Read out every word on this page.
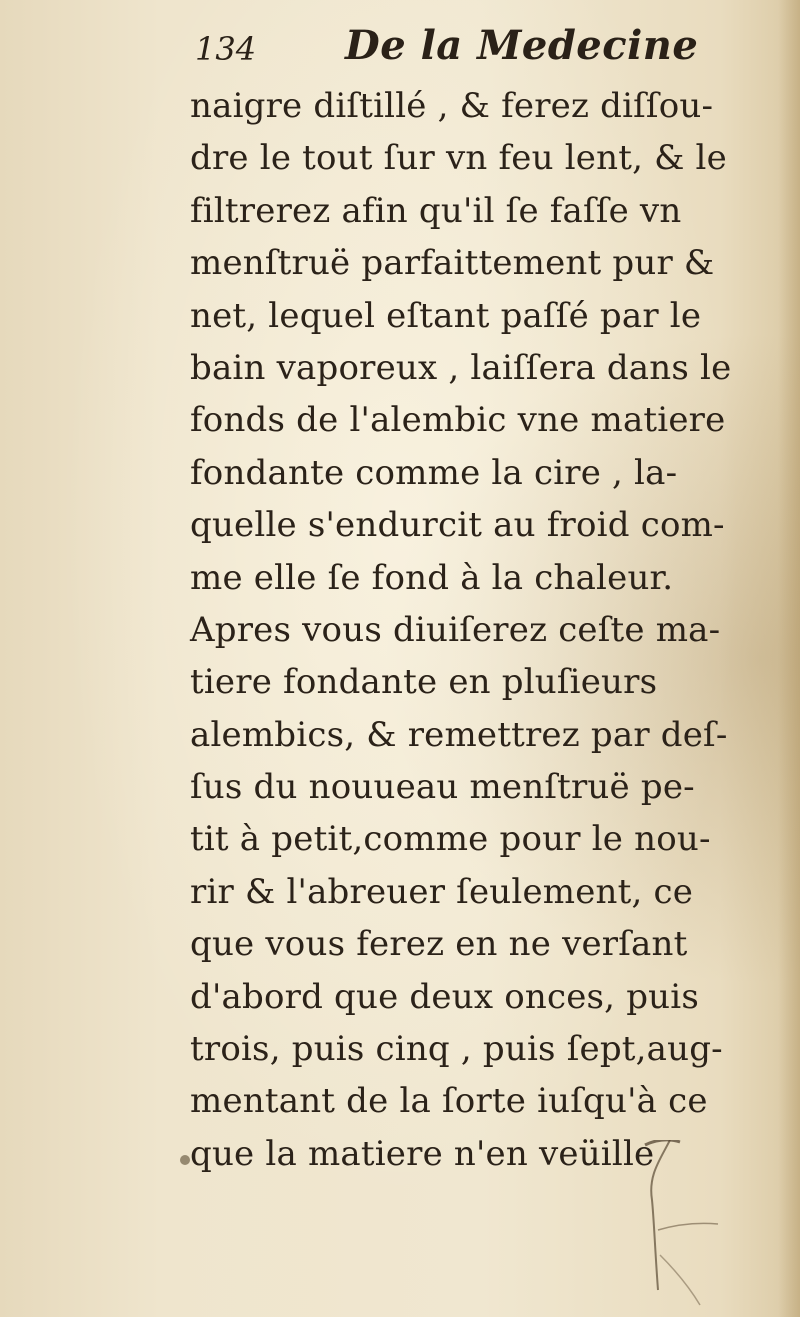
134 De la Medecine
naigre diſtillé , & ferez diſſou-
dre le tout ſur vn feu lent, & le
filtrerez afin qu'il ſe faſſe vn
menſtruë parfaittement pur &
net, lequel eſtant paſſé par le
bain vaporeux , laiſſera dans le
fonds de l'alembic vne matiere
fondante comme la cire , la-
quelle s'endurcit au froid com-
me elle ſe fond à la chaleur.
Apres vous diuiſerez ceſte ma-
tiere fondante en pluſieurs
alembics, & remettrez par deſ-
ſus du nouueau menſtruë pe-
tit à petit,comme pour le nou-
rir & l'abreuer ſeulement, ce
que vous ferez en ne verſant
d'abord que deux onces, puis
trois, puis cinq , puis ſept,aug-
mentant de la ſorte iuſqu'à ce
que la matiere n'en veüille
